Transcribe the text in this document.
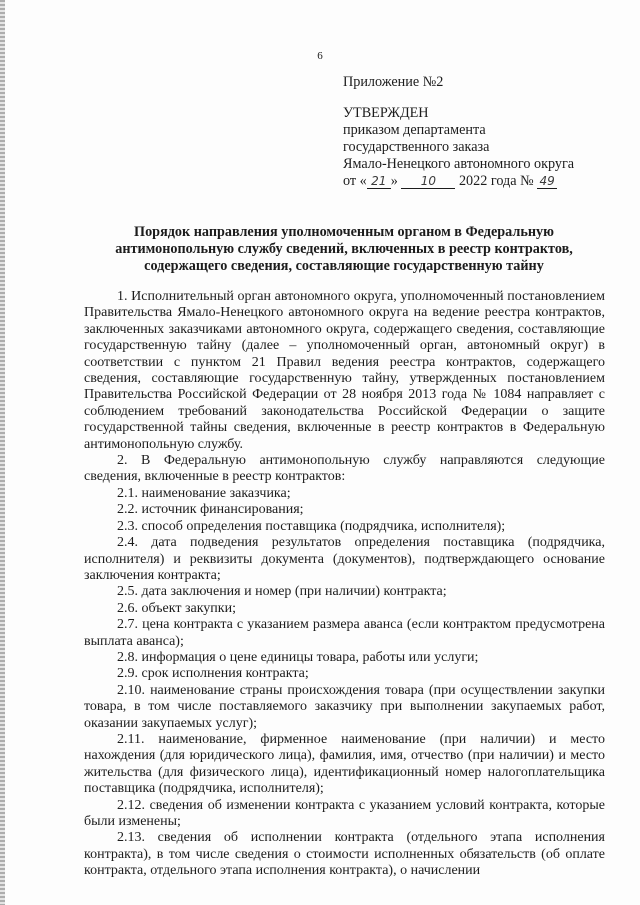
6
Приложение №2
УТВЕРЖДЕН
приказом департамента
государственного заказа
Ямало-Ненецкого автономного округа
от « 21 » 10 2022 года № 49
Порядок направления уполномоченным органом в Федеральную антимонопольную службу сведений, включенных в реестр контрактов, содержащего сведения, составляющие государственную тайну

1. Исполнительный орган автономного округа, уполномоченный постановлением Правительства Ямало-Ненецкого автономного округа на ведение реестра контрактов, заключенных заказчиками автономного округа, содержащего сведения, составляющие государственную тайну (далее – уполномоченный орган, автономный округ) в соответствии с пунктом 21 Правил ведения реестра контрактов, содержащего сведения, составляющие государственную тайну, утвержденных постановлением Правительства Российской Федерации от 28 ноября 2013 года № 1084 направляет с соблюдением требований законодательства Российской Федерации о защите государственной тайны сведения, включенные в реестр контрактов в Федеральную антимонопольную службу.

2. В Федеральную антимонопольную службу направляются следующие сведения, включенные в реестр контрактов:

2.1. наименование заказчика;

2.2. источник финансирования;

2.3. способ определения поставщика (подрядчика, исполнителя);

2.4. дата подведения результатов определения поставщика (подрядчика, исполнителя) и реквизиты документа (документов), подтверждающего основание заключения контракта;

2.5. дата заключения и номер (при наличии) контракта;

2.6. объект закупки;

2.7. цена контракта с указанием размера аванса (если контрактом предусмотрена выплата аванса);

2.8. информация о цене единицы товара, работы или услуги;

2.9. срок исполнения контракта;

2.10. наименование страны происхождения товара (при осуществлении закупки товара, в том числе поставляемого заказчику при выполнении закупаемых работ, оказании закупаемых услуг);

2.11. наименование, фирменное наименование (при наличии) и место нахождения (для юридического лица), фамилия, имя, отчество (при наличии) и место жительства (для физического лица), идентификационный номер налогоплательщика поставщика (подрядчика, исполнителя);

2.12. сведения об изменении контракта с указанием условий контракта, которые были изменены;

2.13. сведения об исполнении контракта (отдельного этапа исполнения контракта), в том числе сведения о стоимости исполненных обязательств (об оплате контракта, отдельного этапа исполнения контракта), о начислении
